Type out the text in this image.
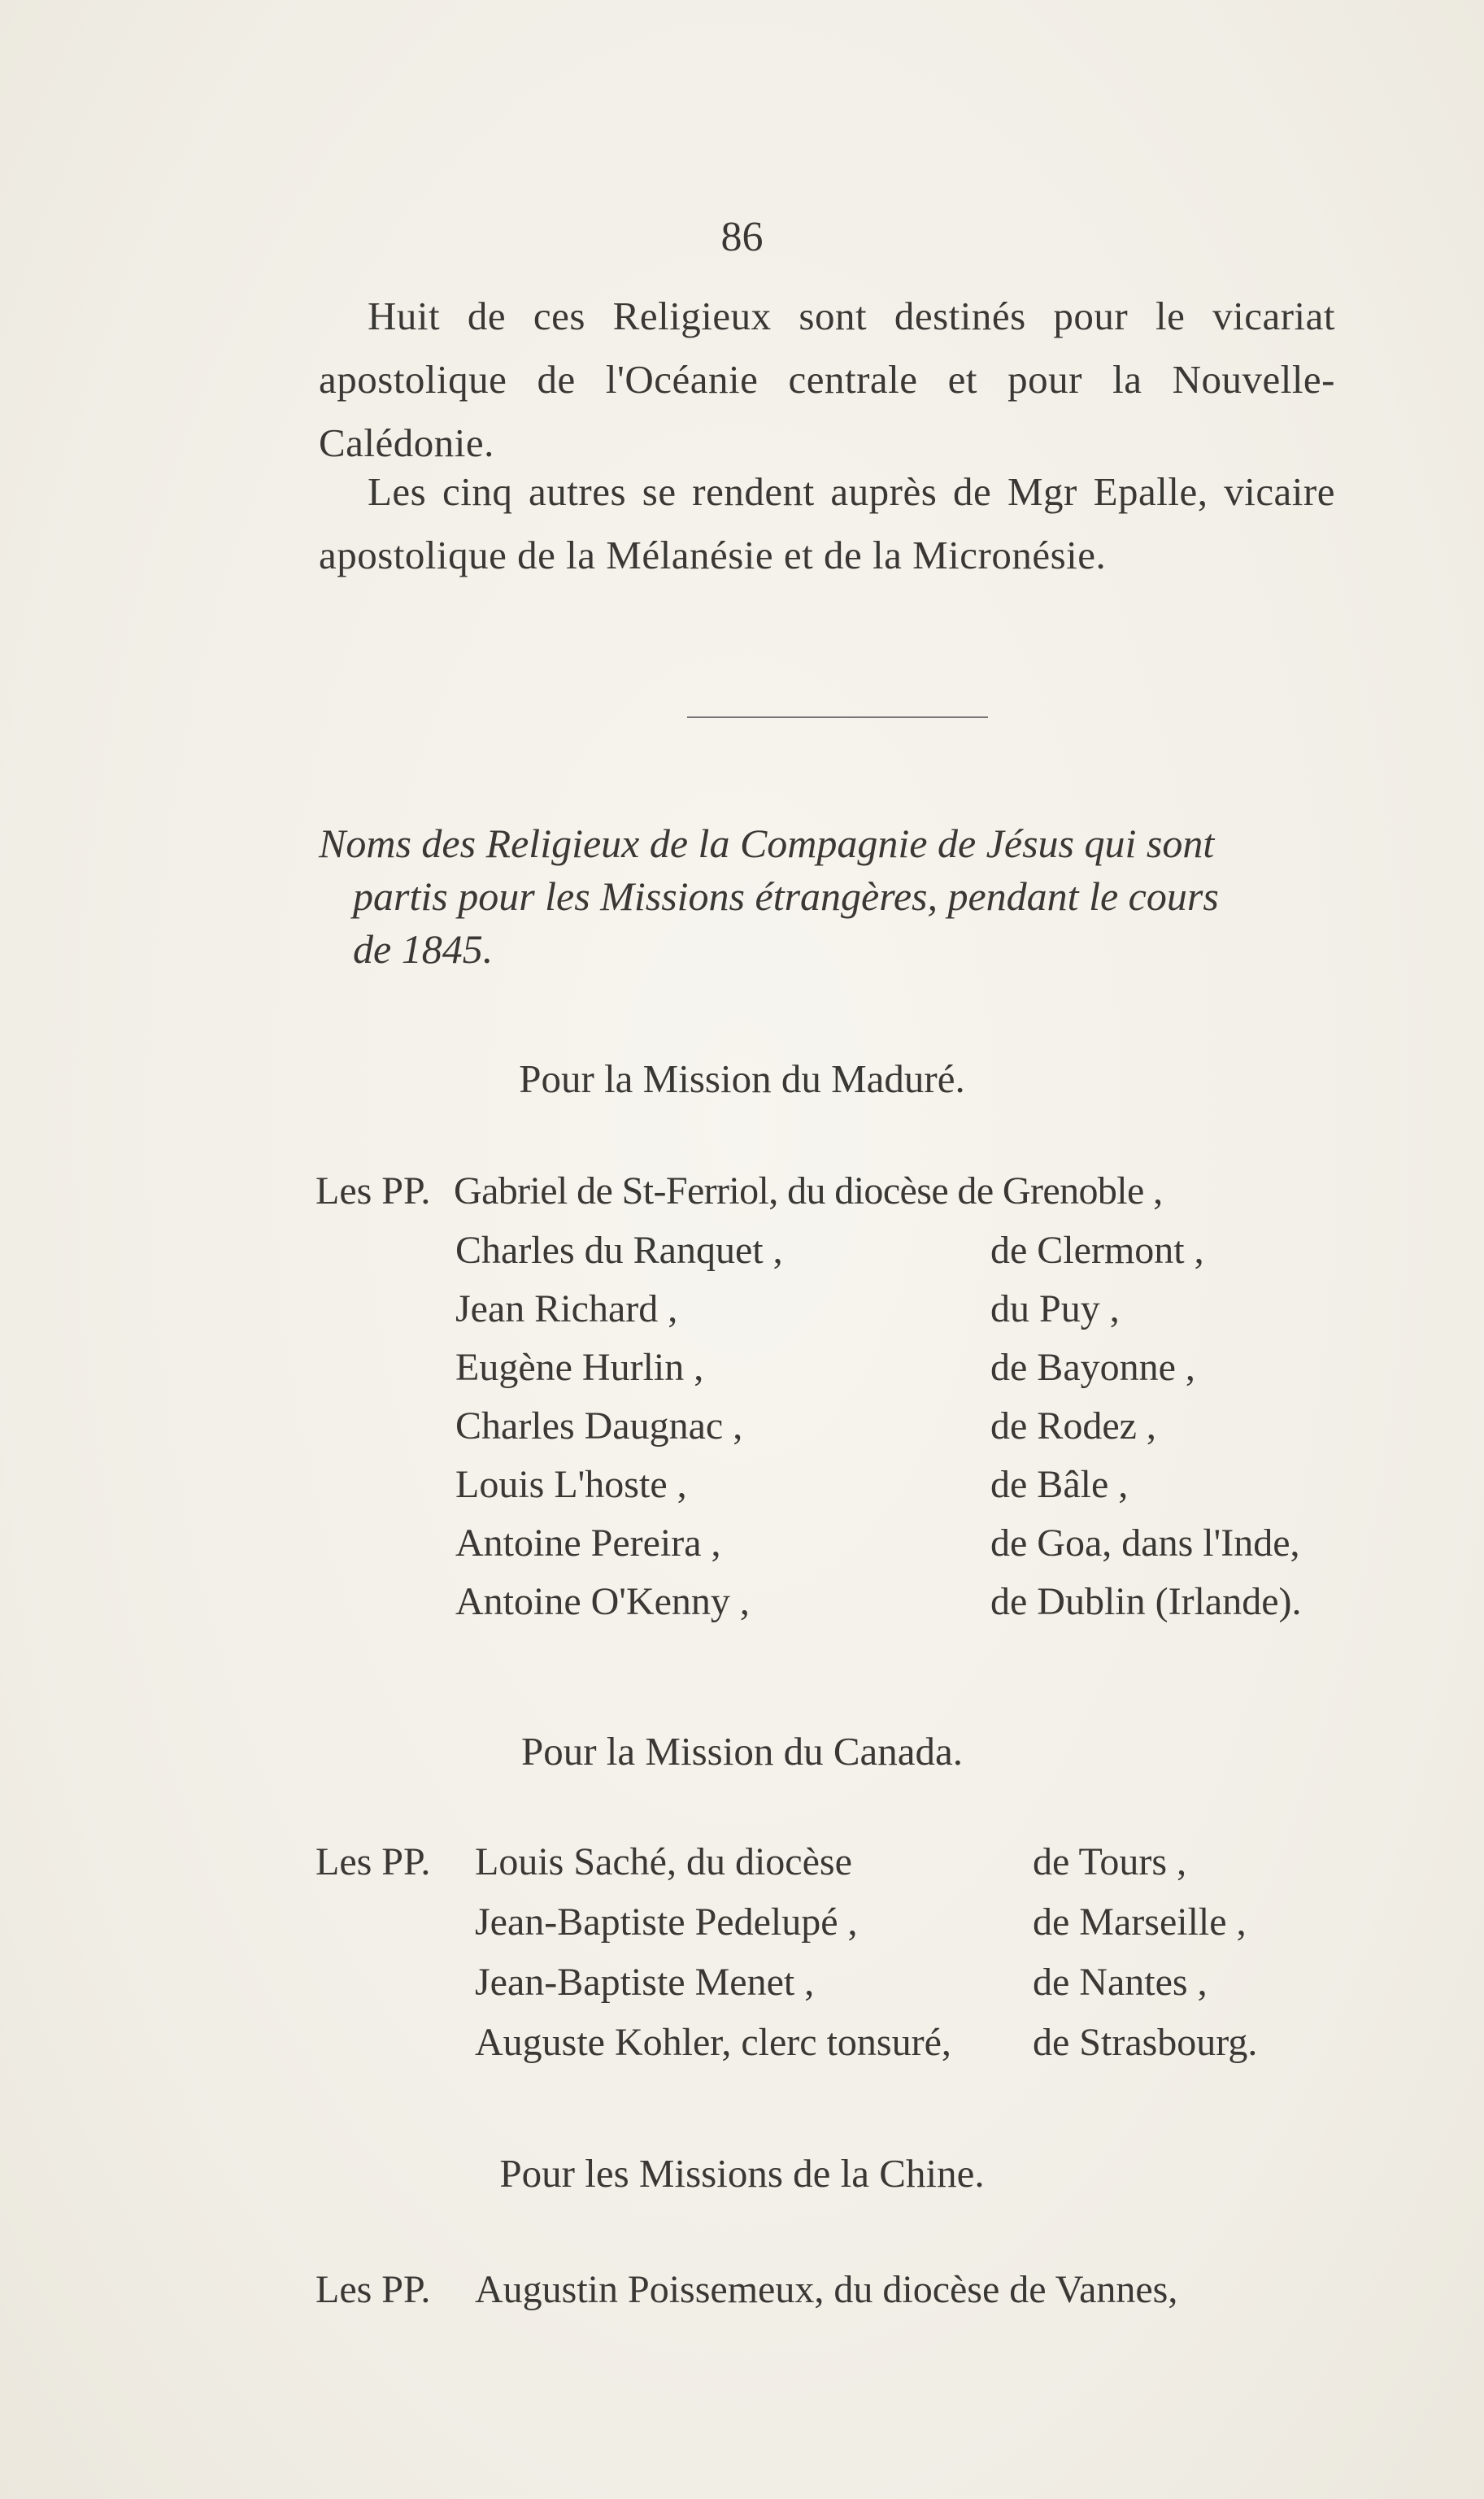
86
Huit de ces Religieux sont destinés pour le vicariat apostolique de l'Océanie centrale et pour la Nouvelle-Calédonie.
Les cinq autres se rendent auprès de Mgr Epalle, vicaire apostolique de la Mélanésie et de la Micronésie.
Noms des Religieux de la Compagnie de Jésus qui sont
partis pour les Missions étrangères, pendant le cours
de 1845.
Pour la Mission du Maduré.
Les PP. Gabriel de St-Ferriol, du diocèse de Grenoble ,
Charles du Ranquet ,	de Clermont ,
Jean Richard ,	du Puy ,
Eugène Hurlin ,	de Bayonne ,
Charles Daugnac ,	de Rodez ,
Louis L'hoste ,	de Bâle ,
Antoine Pereira ,	de Goa, dans l'Inde,
Antoine O'Kenny ,	de Dublin (Irlande).
Pour la Mission du Canada.
Les PP. Louis Saché, du diocèse	de Tours ,
Jean-Baptiste Pedelupé ,	de Marseille ,
Jean-Baptiste Menet ,	de Nantes ,
Auguste Kohler, clerc tonsuré, de Strasbourg.
Pour les Missions de la Chine.
Les PP. Augustin Poissemeux, du diocèse de Vannes,
